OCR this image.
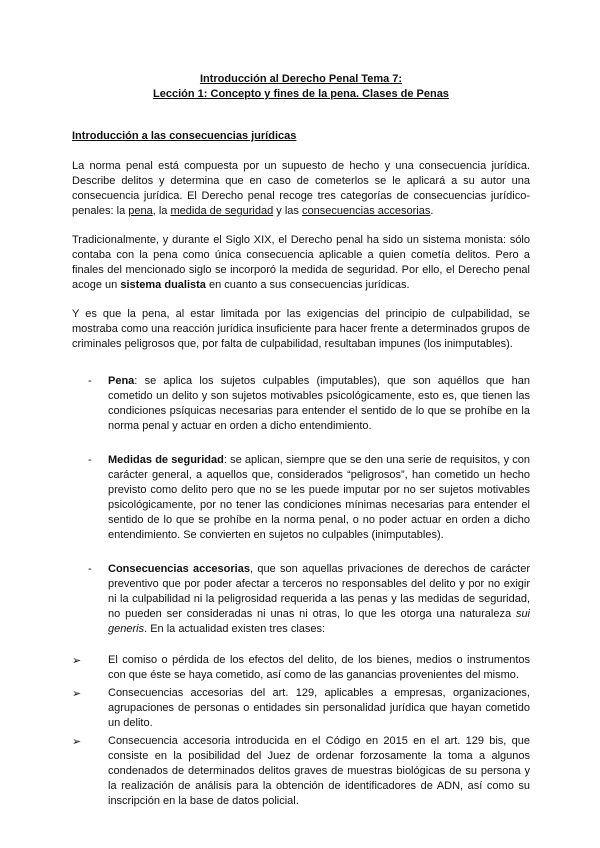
Introducción al Derecho Penal Tema 7:

Lección 1: Concepto y fines de la pena. Clases de Penas

Introducción a las consecuencias jurídicas

La norma penal está compuesta por un supuesto de hecho y una consecuencia jurídica. Describe delitos y determina que en caso de cometerlos se le aplicará a su autor una consecuencia jurídica. El Derecho penal recoge tres categorías de consecuencias jurídico-penales: la pena, la medida de seguridad y las consecuencias accesorias.

Tradicionalmente, y durante el Siglo XIX, el Derecho penal ha sido un sistema monista: sólo contaba con la pena como única consecuencia aplicable a quien cometía delitos. Pero a finales del mencionado siglo se incorporó la medida de seguridad. Por ello, el Derecho penal acoge un sistema dualista en cuanto a sus consecuencias jurídicas.

Y es que la pena, al estar limitada por las exigencias del principio de culpabilidad, se mostraba como una reacción jurídica insuficiente para hacer frente a determinados grupos de criminales peligrosos que, por falta de culpabilidad, resultaban impunes (los inimputables).

- Pena: se aplica los sujetos culpables (imputables), que son aquéllos que han cometido un delito y son sujetos motivables psicológicamente, esto es, que tienen las condiciones psíquicas necesarias para entender el sentido de lo que se prohíbe en la norma penal y actuar en orden a dicho entendimiento.
- Medidas de seguridad: se aplican, siempre que se den una serie de requisitos, y con carácter general, a aquellos que, considerados “peligrosos”, han cometido un hecho previsto como delito pero que no se les puede imputar por no ser sujetos motivables psicológicamente, por no tener las condiciones mínimas necesarias para entender el sentido de lo que se prohíbe en la norma penal, o no poder actuar en orden a dicho entendimiento. Se convierten en sujetos no culpables (inimputables).
- Consecuencias accesorias, que son aquellas privaciones de derechos de carácter preventivo que por poder afectar a terceros no responsables del delito y por no exigir ni la culpabilidad ni la peligrosidad requerida a las penas y las medidas de seguridad, no pueden ser consideradas ni unas ni otras, lo que les otorga una naturaleza sui generis. En la actualidad existen tres clases:
➢ El comiso o pérdida de los efectos del delito, de los bienes, medios o instrumentos con que éste se haya cometido, así como de las ganancias provenientes del mismo.
➢ Consecuencias accesorias del art. 129, aplicables a empresas, organizaciones, agrupaciones de personas o entidades sin personalidad jurídica que hayan cometido un delito.
➢ Consecuencia accesoria introducida en el Código en 2015 en el art. 129 bis, que consiste en la posibilidad del Juez de ordenar forzosamente la toma a algunos condenados de determinados delitos graves de muestras biológicas de su persona y la realización de análisis para la obtención de identificadores de ADN, así como su inscripción en la base de datos policial.
